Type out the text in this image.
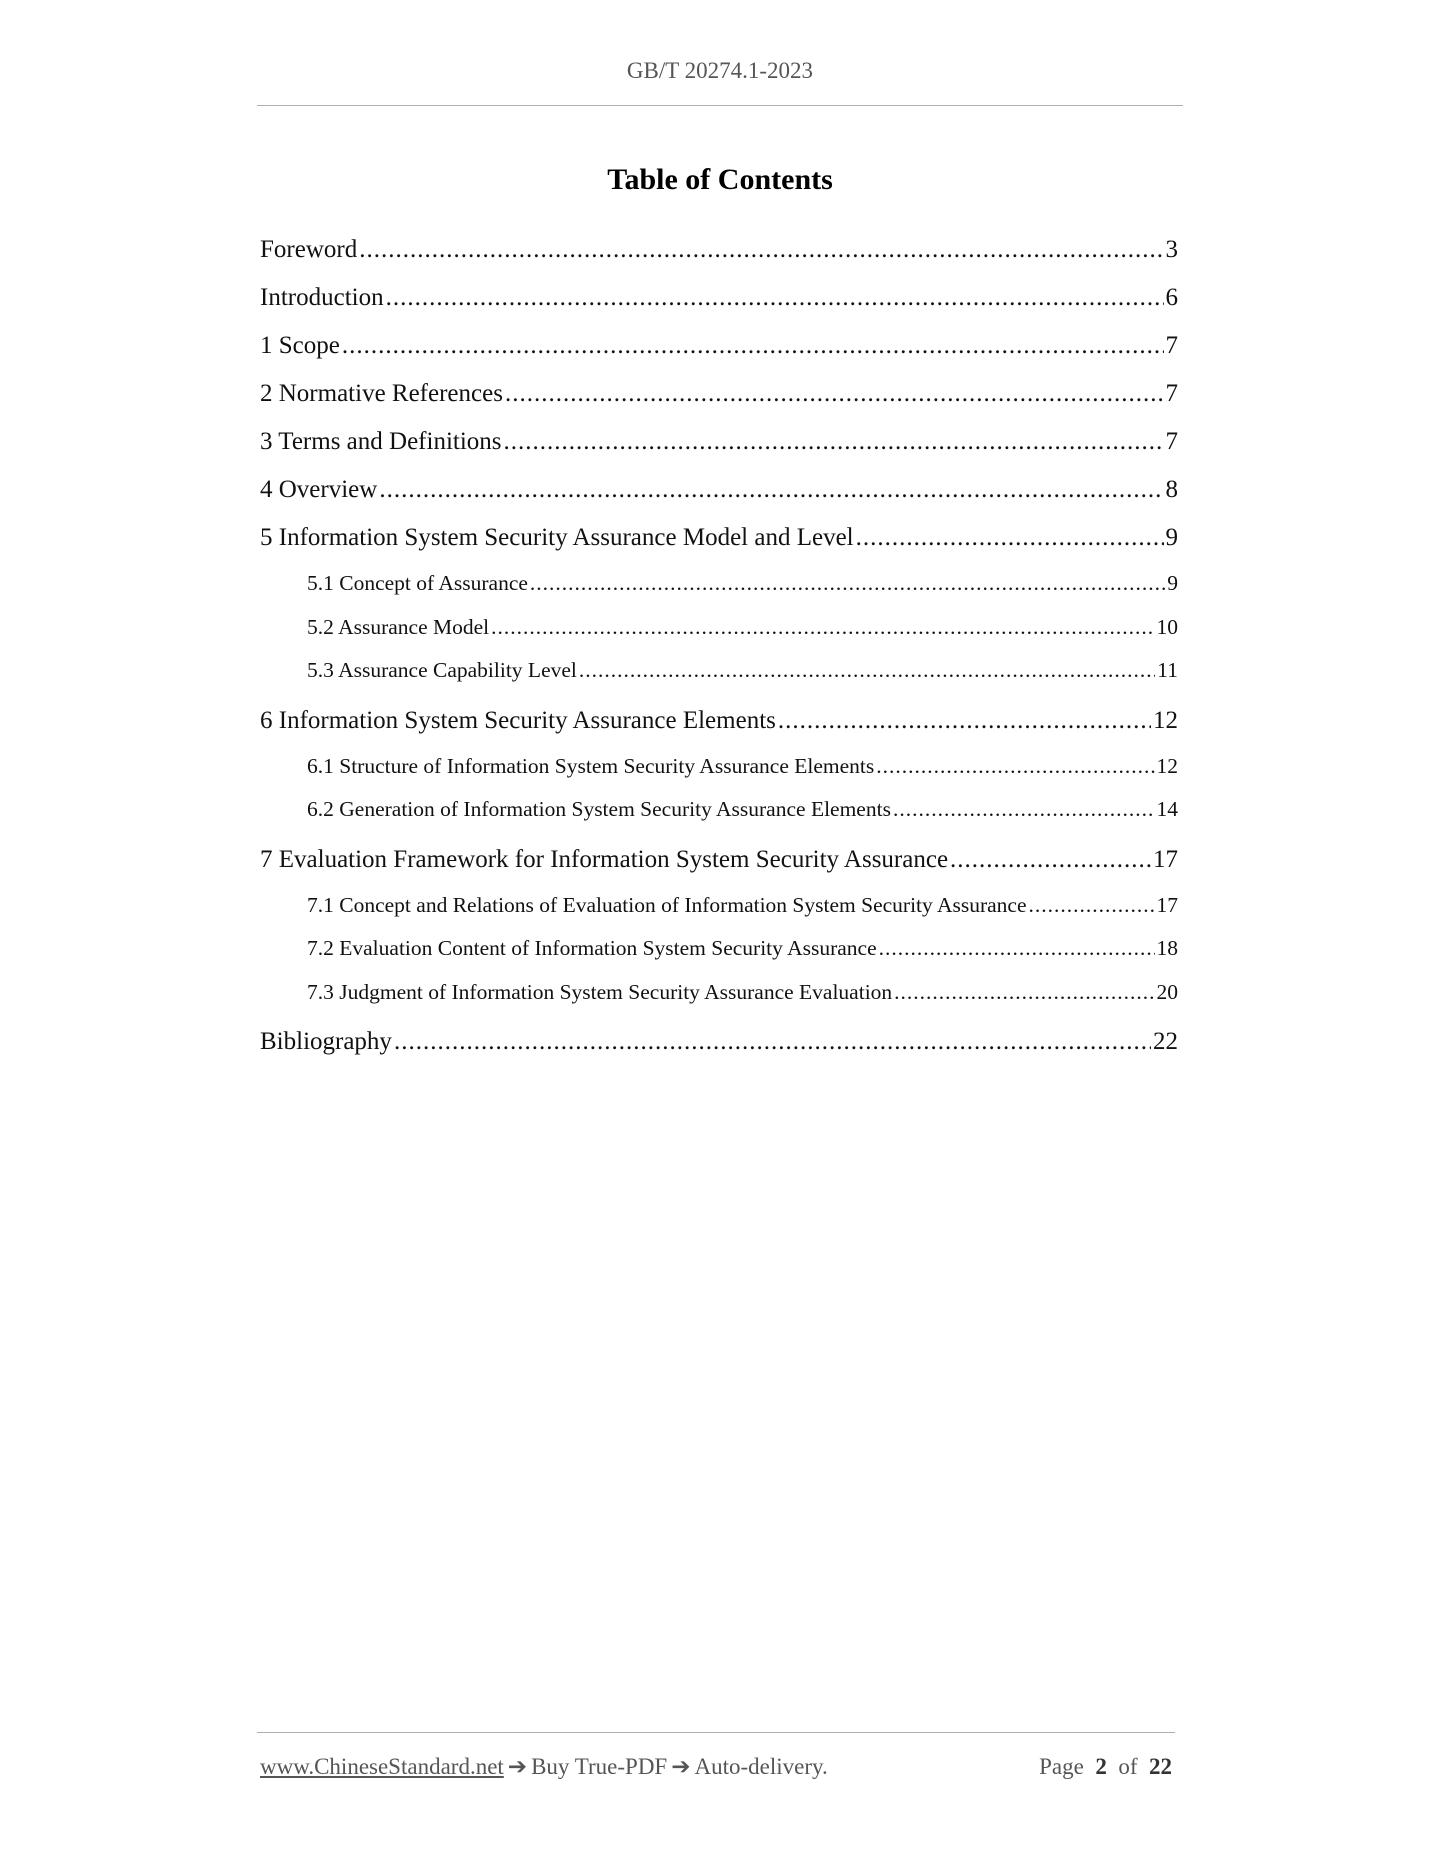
GB/T 20274.1-2023
Table of Contents
Foreword .....	3
Introduction .....	6
1 Scope .....	7
2 Normative References .....	7
3 Terms and Definitions .....	7
4 Overview .....	8
5 Information System Security Assurance Model and Level .....	9
5.1 Concept of Assurance .....	9
5.2 Assurance Model .....	10
5.3 Assurance Capability Level .....	11
6 Information System Security Assurance Elements .....	12
6.1 Structure of Information System Security Assurance Elements .....	12
6.2 Generation of Information System Security Assurance Elements .....	14
7 Evaluation Framework for Information System Security Assurance .....	17
7.1 Concept and Relations of Evaluation of Information System Security Assurance .....	17
7.2 Evaluation Content of Information System Security Assurance .....	18
7.3 Judgment of Information System Security Assurance Evaluation .....	20
Bibliography .....	22
www.ChineseStandard.net ➔ Buy True-PDF ➔ Auto-delivery.	Page 2 of 22
